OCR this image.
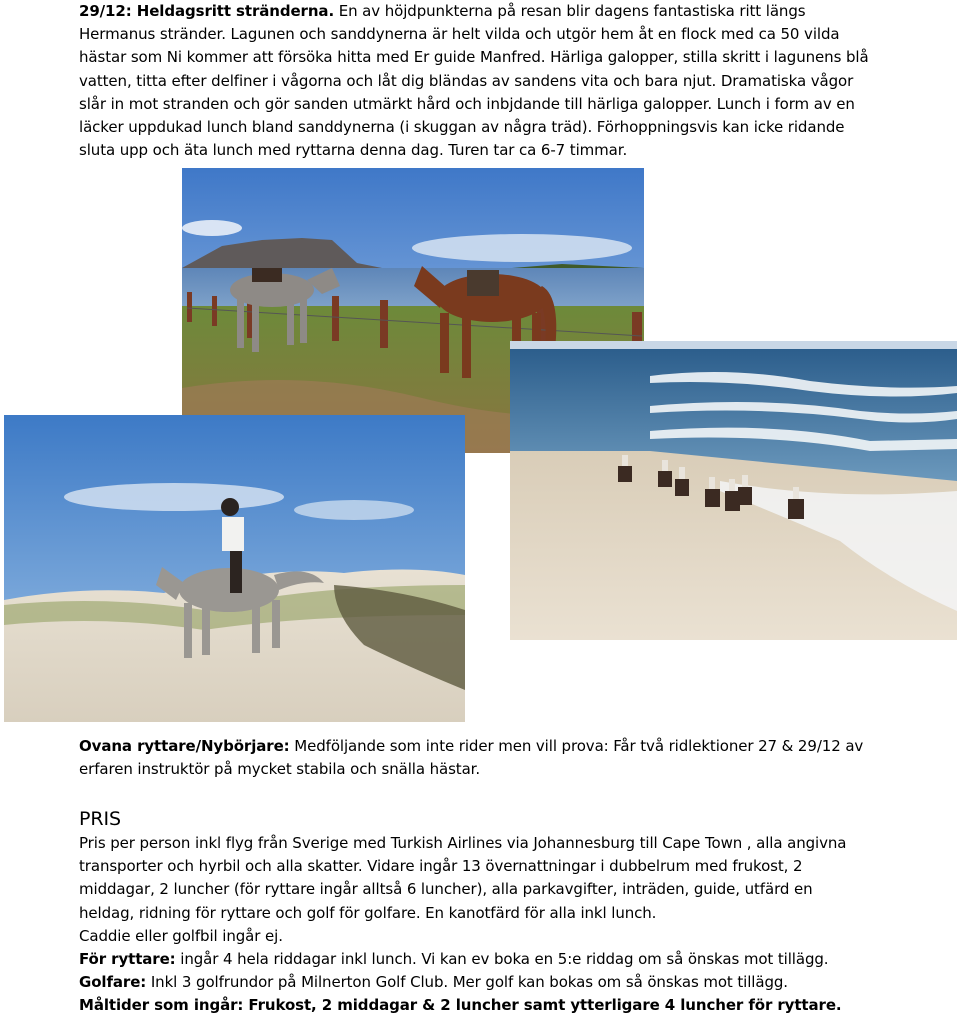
29/12: Heldagsritt stränderna. En av höjdpunkterna på resan blir dagens fantastiska ritt längs Hermanus stränder. Lagunen och sanddynerna är helt vilda och utgör hem åt en flock med ca 50 vilda hästar som Ni kommer att försöka hitta med Er guide Manfred. Härliga galopper, stilla skritt i lagunens blå vatten, titta efter delfiner i vågorna och låt dig bländas av sandens vita och bara njut. Dramatiska vågor slår in mot stranden och gör sanden utmärkt hård och inbjdande till härliga galopper. Lunch i form av en läcker uppdukad lunch bland sanddynerna (i skuggan av några träd). Förhoppningsvis kan icke ridande sluta upp och äta lunch med ryttarna denna dag. Turen tar ca 6-7 timmar.
Ovana ryttare/Nybörjare: Medföljande som inte rider men vill prova: Får två ridlektioner 27 & 29/12 av erfaren instruktör på mycket stabila och snälla hästar.
PRIS
Pris per person inkl flyg från Sverige med Turkish Airlines via Johannesburg till Cape Town , alla angivna transporter och hyrbil och alla skatter. Vidare ingår 13 övernattningar i dubbelrum med frukost, 2 middagar, 2 luncher (för ryttare ingår alltså 6 luncher), alla parkavgifter, inträden, guide, utfärd en heldag, ridning för ryttare och golf för golfare. En kanotfärd för alla inkl lunch.
Caddie eller golfbil ingår ej.
För ryttare: ingår 4 hela riddagar inkl lunch. Vi kan ev boka en 5:e riddag om så önskas mot tillägg.
Golfare: Inkl 3 golfrundor på Milnerton Golf Club. Mer golf kan bokas om så önskas mot tillägg.
Måltider som ingår: Frukost, 2 middagar & 2 luncher samt ytterligare 4 luncher för ryttare.
